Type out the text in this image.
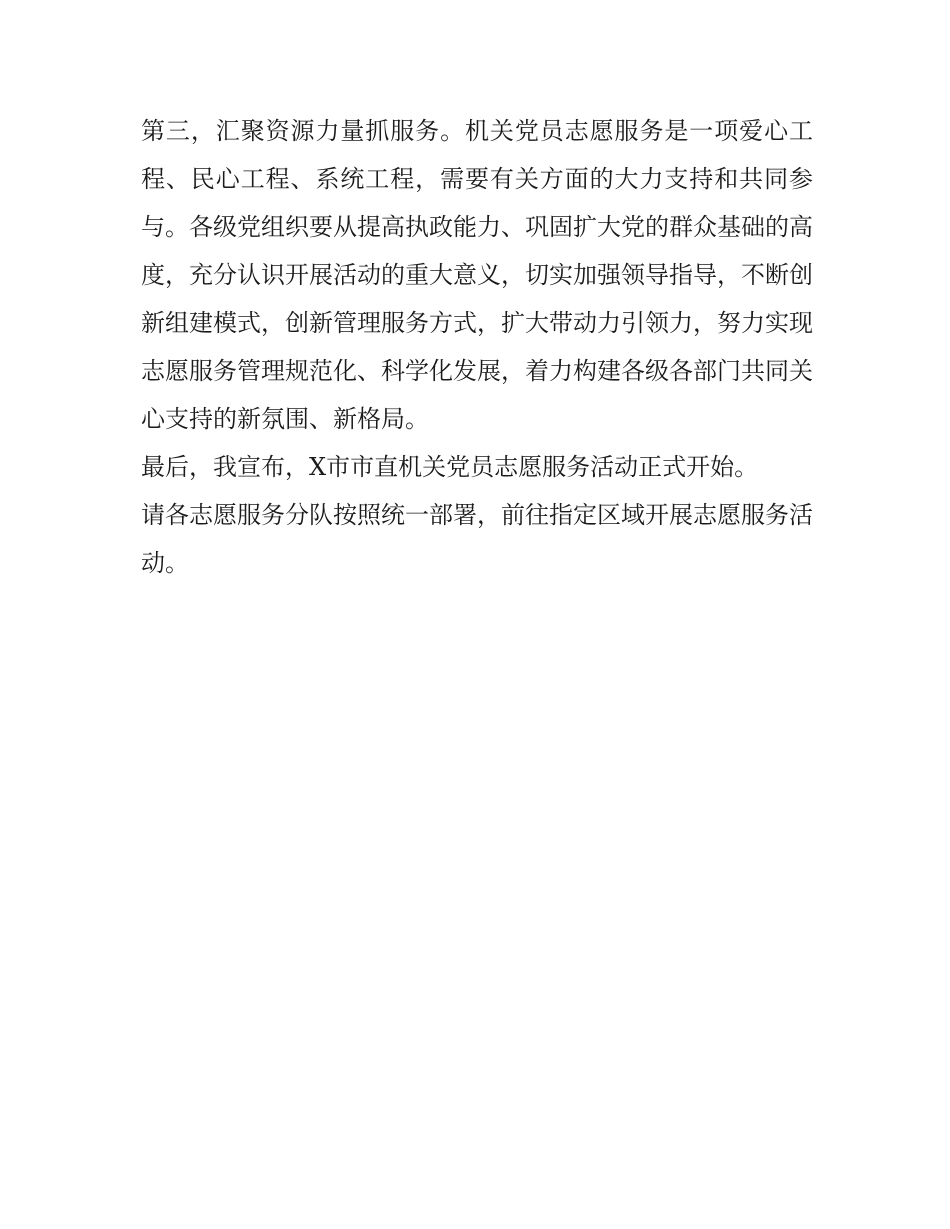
第三，汇聚资源力量抓服务。机关党员志愿服务是一项爱心工程、民心工程、系统工程，需要有关方面的大力支持和共同参与。各级党组织要从提高执政能力、巩固扩大党的群众基础的高度，充分认识开展活动的重大意义，切实加强领导指导，不断创新组建模式，创新管理服务方式，扩大带动力引领力，努力实现志愿服务管理规范化、科学化发展，着力构建各级各部门共同关心支持的新氛围、新格局。

最后，我宣布，X市市直机关党员志愿服务活动正式开始。

请各志愿服务分队按照统一部署，前往指定区域开展志愿服务活动。
